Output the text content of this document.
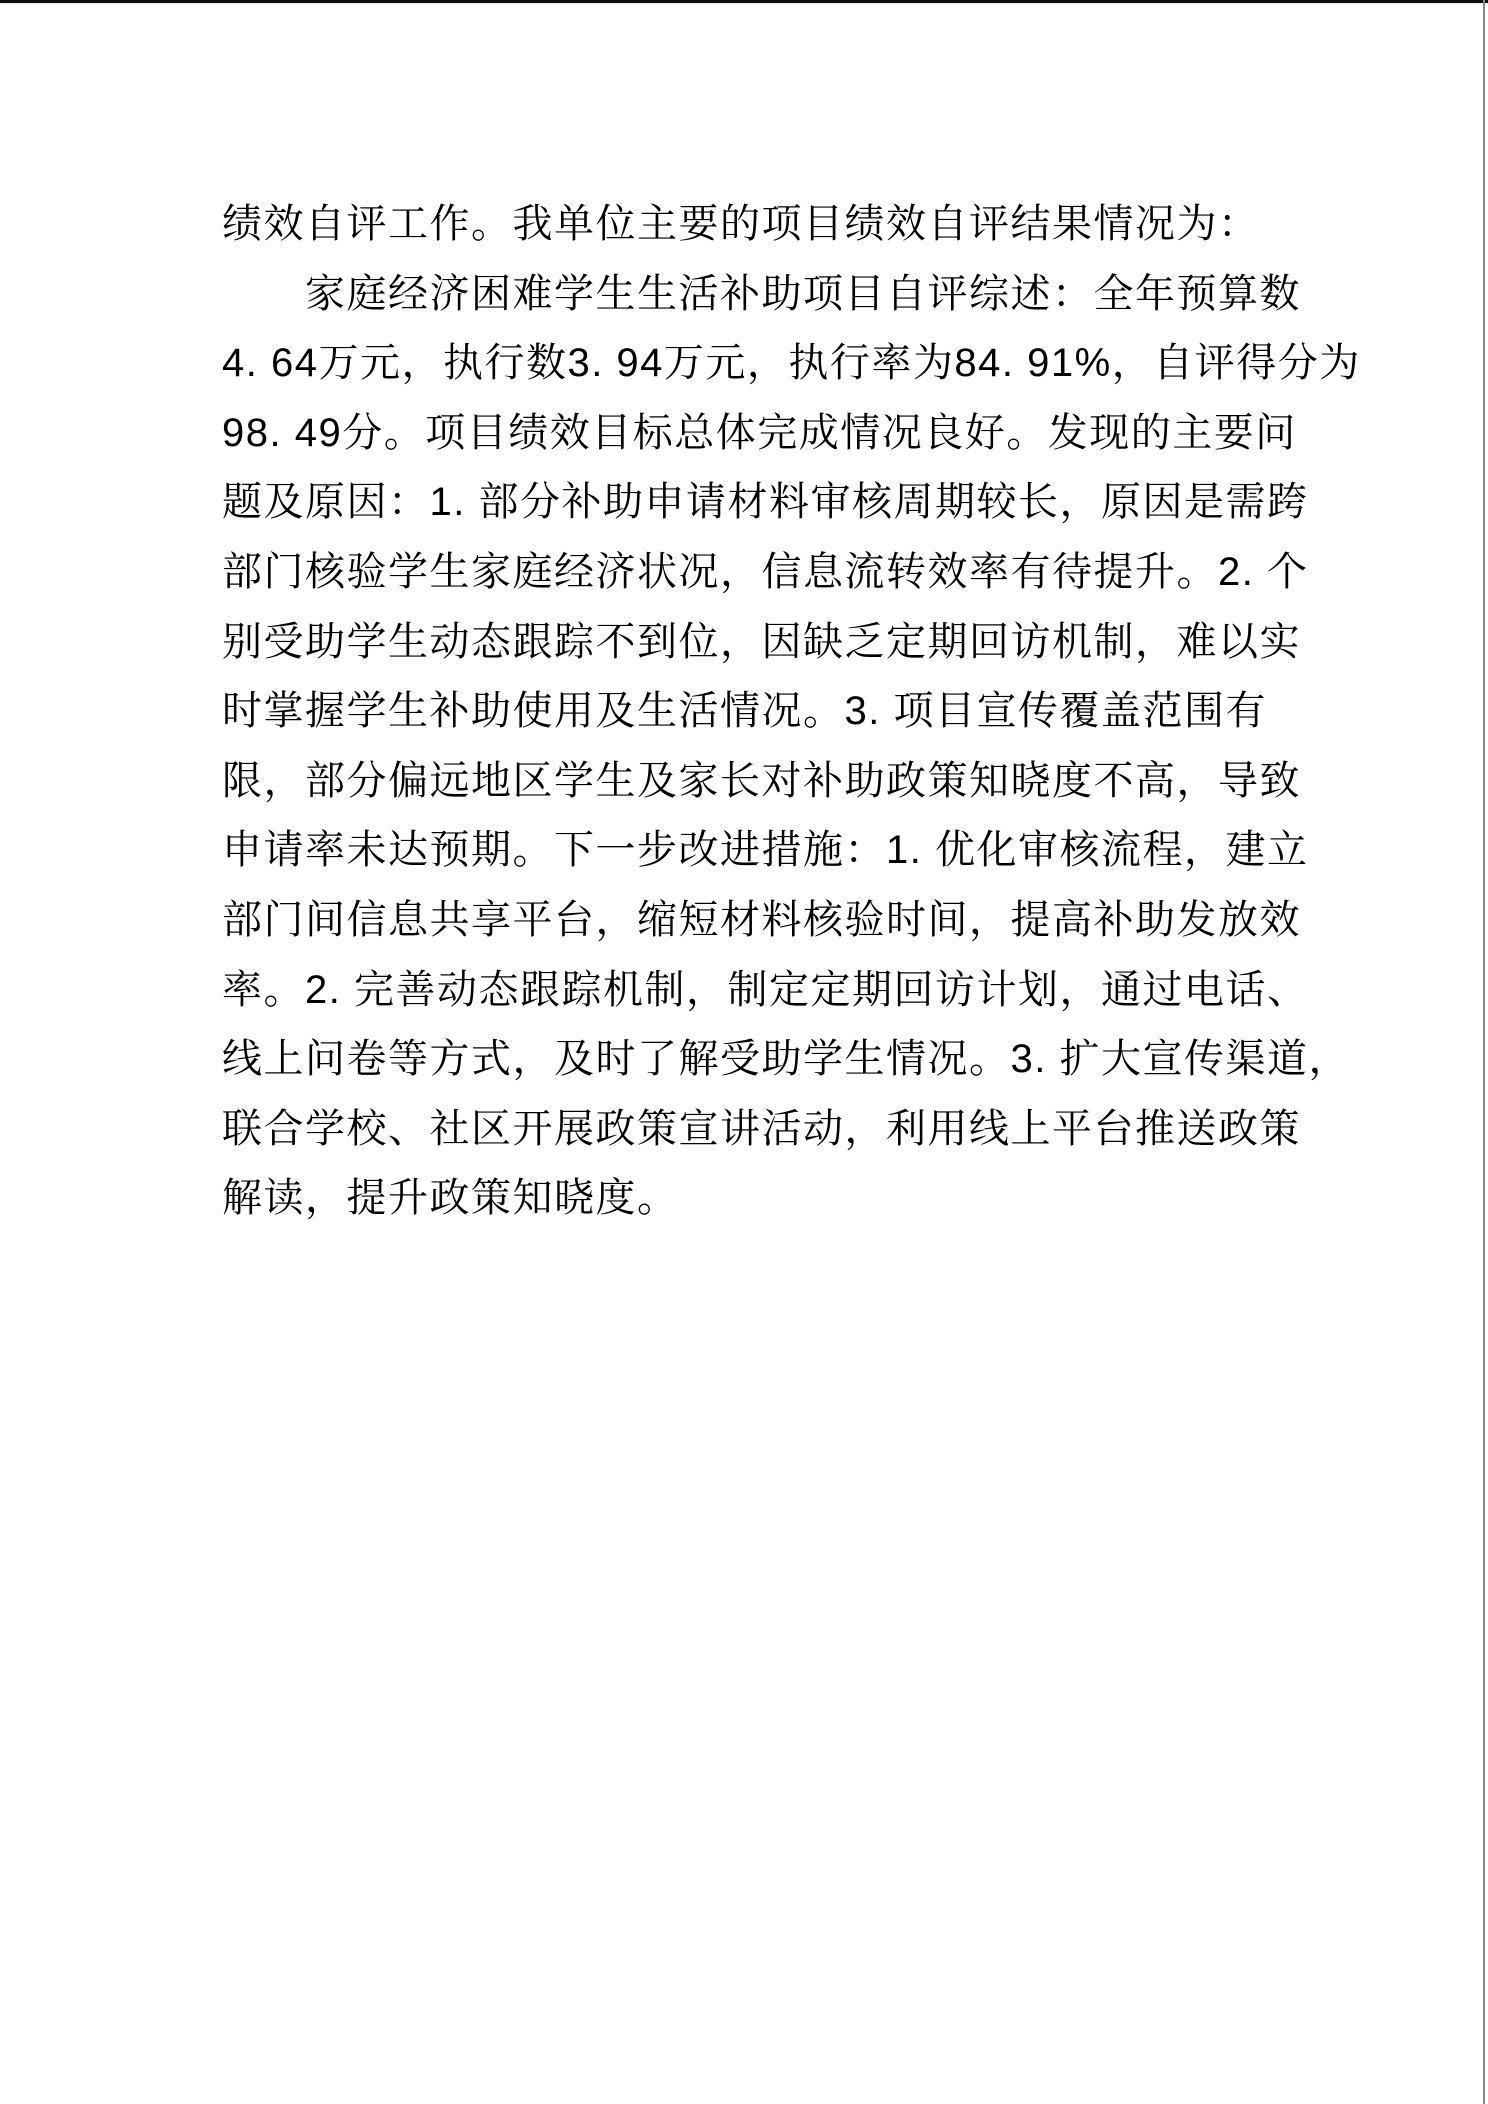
绩效自评工作。我单位主要的项目绩效自评结果情况为：
家庭经济困难学生生活补助项目自评综述：全年预算数
4. 64万元，执行数3. 94万元，执行率为84. 91%，自评得分为
98. 49分。项目绩效目标总体完成情况良好。发现的主要问
题及原因：1. 部分补助申请材料审核周期较长，原因是需跨
部门核验学生家庭经济状况，信息流转效率有待提升。2. 个
别受助学生动态跟踪不到位，因缺乏定期回访机制，难以实
时掌握学生补助使用及生活情况。3. 项目宣传覆盖范围有
限，部分偏远地区学生及家长对补助政策知晓度不高，导致
申请率未达预期。下一步改进措施：1. 优化审核流程，建立
部门间信息共享平台，缩短材料核验时间，提高补助发放效
率。2. 完善动态跟踪机制，制定定期回访计划，通过电话、
线上问卷等方式，及时了解受助学生情况。3. 扩大宣传渠道，
联合学校、社区开展政策宣讲活动，利用线上平台推送政策
解读，提升政策知晓度。
